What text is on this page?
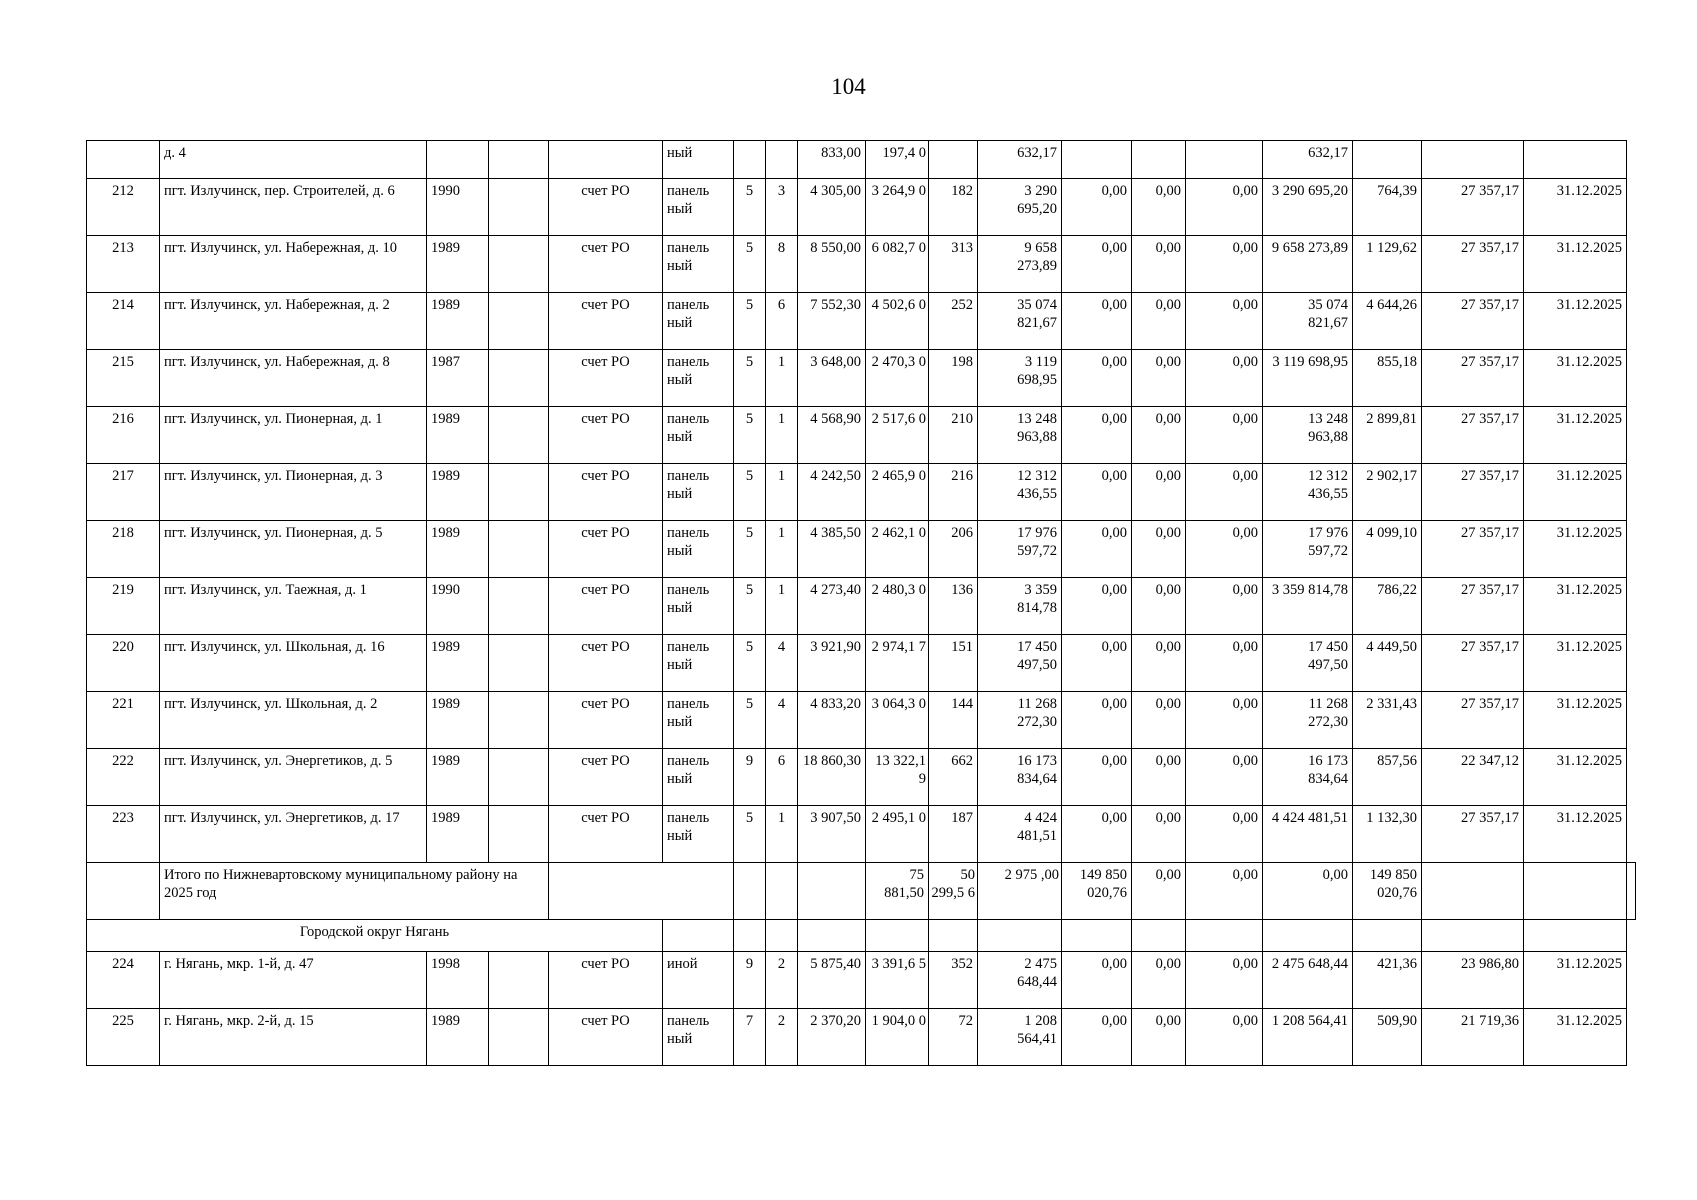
104
	д. 4				ный			833,00	197,4 0		632,17				632,17				
212	пгт. Излучинск, пер. Строителей, д. 6	1990		счет РО	панель ный	5	3	4 305,00	3 264,9 0	182	3 290 695,20	0,00	0,00	0,00	3 290 695,20	764,39	27 357,17	31.12.2025	
213	пгт. Излучинск, ул. Набережная, д. 10	1989		счет РО	панель ный	5	8	8 550,00	6 082,7 0	313	9 658 273,89	0,00	0,00	0,00	9 658 273,89	1 129,62	27 357,17	31.12.2025	
214	пгт. Излучинск, ул. Набережная, д. 2	1989		счет РО	панель ный	5	6	7 552,30	4 502,6 0	252	35 074 821,67	0,00	0,00	0,00	35 074 821,67	4 644,26	27 357,17	31.12.2025	
215	пгт. Излучинск, ул. Набережная, д. 8	1987		счет РО	панель ный	5	1	3 648,00	2 470,3 0	198	3 119 698,95	0,00	0,00	0,00	3 119 698,95	855,18	27 357,17	31.12.2025	
216	пгт. Излучинск, ул. Пионерная, д. 1	1989		счет РО	панель ный	5	1	4 568,90	2 517,6 0	210	13 248 963,88	0,00	0,00	0,00	13 248 963,88	2 899,81	27 357,17	31.12.2025	
217	пгт. Излучинск, ул. Пионерная, д. 3	1989		счет РО	панель ный	5	1	4 242,50	2 465,9 0	216	12 312 436,55	0,00	0,00	0,00	12 312 436,55	2 902,17	27 357,17	31.12.2025	
218	пгт. Излучинск, ул. Пионерная, д. 5	1989		счет РО	панель ный	5	1	4 385,50	2 462,1 0	206	17 976 597,72	0,00	0,00	0,00	17 976 597,72	4 099,10	27 357,17	31.12.2025	
219	пгт. Излучинск, ул. Таежная, д. 1	1990		счет РО	панель ный	5	1	4 273,40	2 480,3 0	136	3 359 814,78	0,00	0,00	0,00	3 359 814,78	786,22	27 357,17	31.12.2025	
220	пгт. Излучинск, ул. Школьная, д. 16	1989		счет РО	панель ный	5	4	3 921,90	2 974,1 7	151	17 450 497,50	0,00	0,00	0,00	17 450 497,50	4 449,50	27 357,17	31.12.2025	
221	пгт. Излучинск, ул. Школьная, д. 2	1989		счет РО	панель ный	5	4	4 833,20	3 064,3 0	144	11 268 272,30	0,00	0,00	0,00	11 268 272,30	2 331,43	27 357,17	31.12.2025	
222	пгт. Излучинск, ул. Энергетиков, д. 5	1989		счет РО	панель ный	9	6	18 860,30	13 322,1 9	662	16 173 834,64	0,00	0,00	0,00	16 173 834,64	857,56	22 347,12	31.12.2025	
223	пгт. Излучинск, ул. Энергетиков, д. 17	1989		счет РО	панель ный	5	1	3 907,50	2 495,1 0	187	4 424 481,51	0,00	0,00	0,00	4 424 481,51	1 132,30	27 357,17	31.12.2025	
	Итого по Нижневартовскому муниципальному району на 2025 год								75 881,50	50 299,5 6	2 975 ,00	149 850 020,76	0,00	0,00	0,00	149 850 020,76			
Городской округ Нягань																			
224	г. Нягань, мкр. 1-й, д. 47	1998		счет РО	иной	9	2	5 875,40	3 391,6 5	352	2 475 648,44	0,00	0,00	0,00	2 475 648,44	421,36	23 986,80	31.12.2025	
225	г. Нягань, мкр. 2-й, д. 15	1989		счет РО	панель ный	7	2	2 370,20	1 904,0 0	72	1 208 564,41	0,00	0,00	0,00	1 208 564,41	509,90	21 719,36	31.12.2025	
